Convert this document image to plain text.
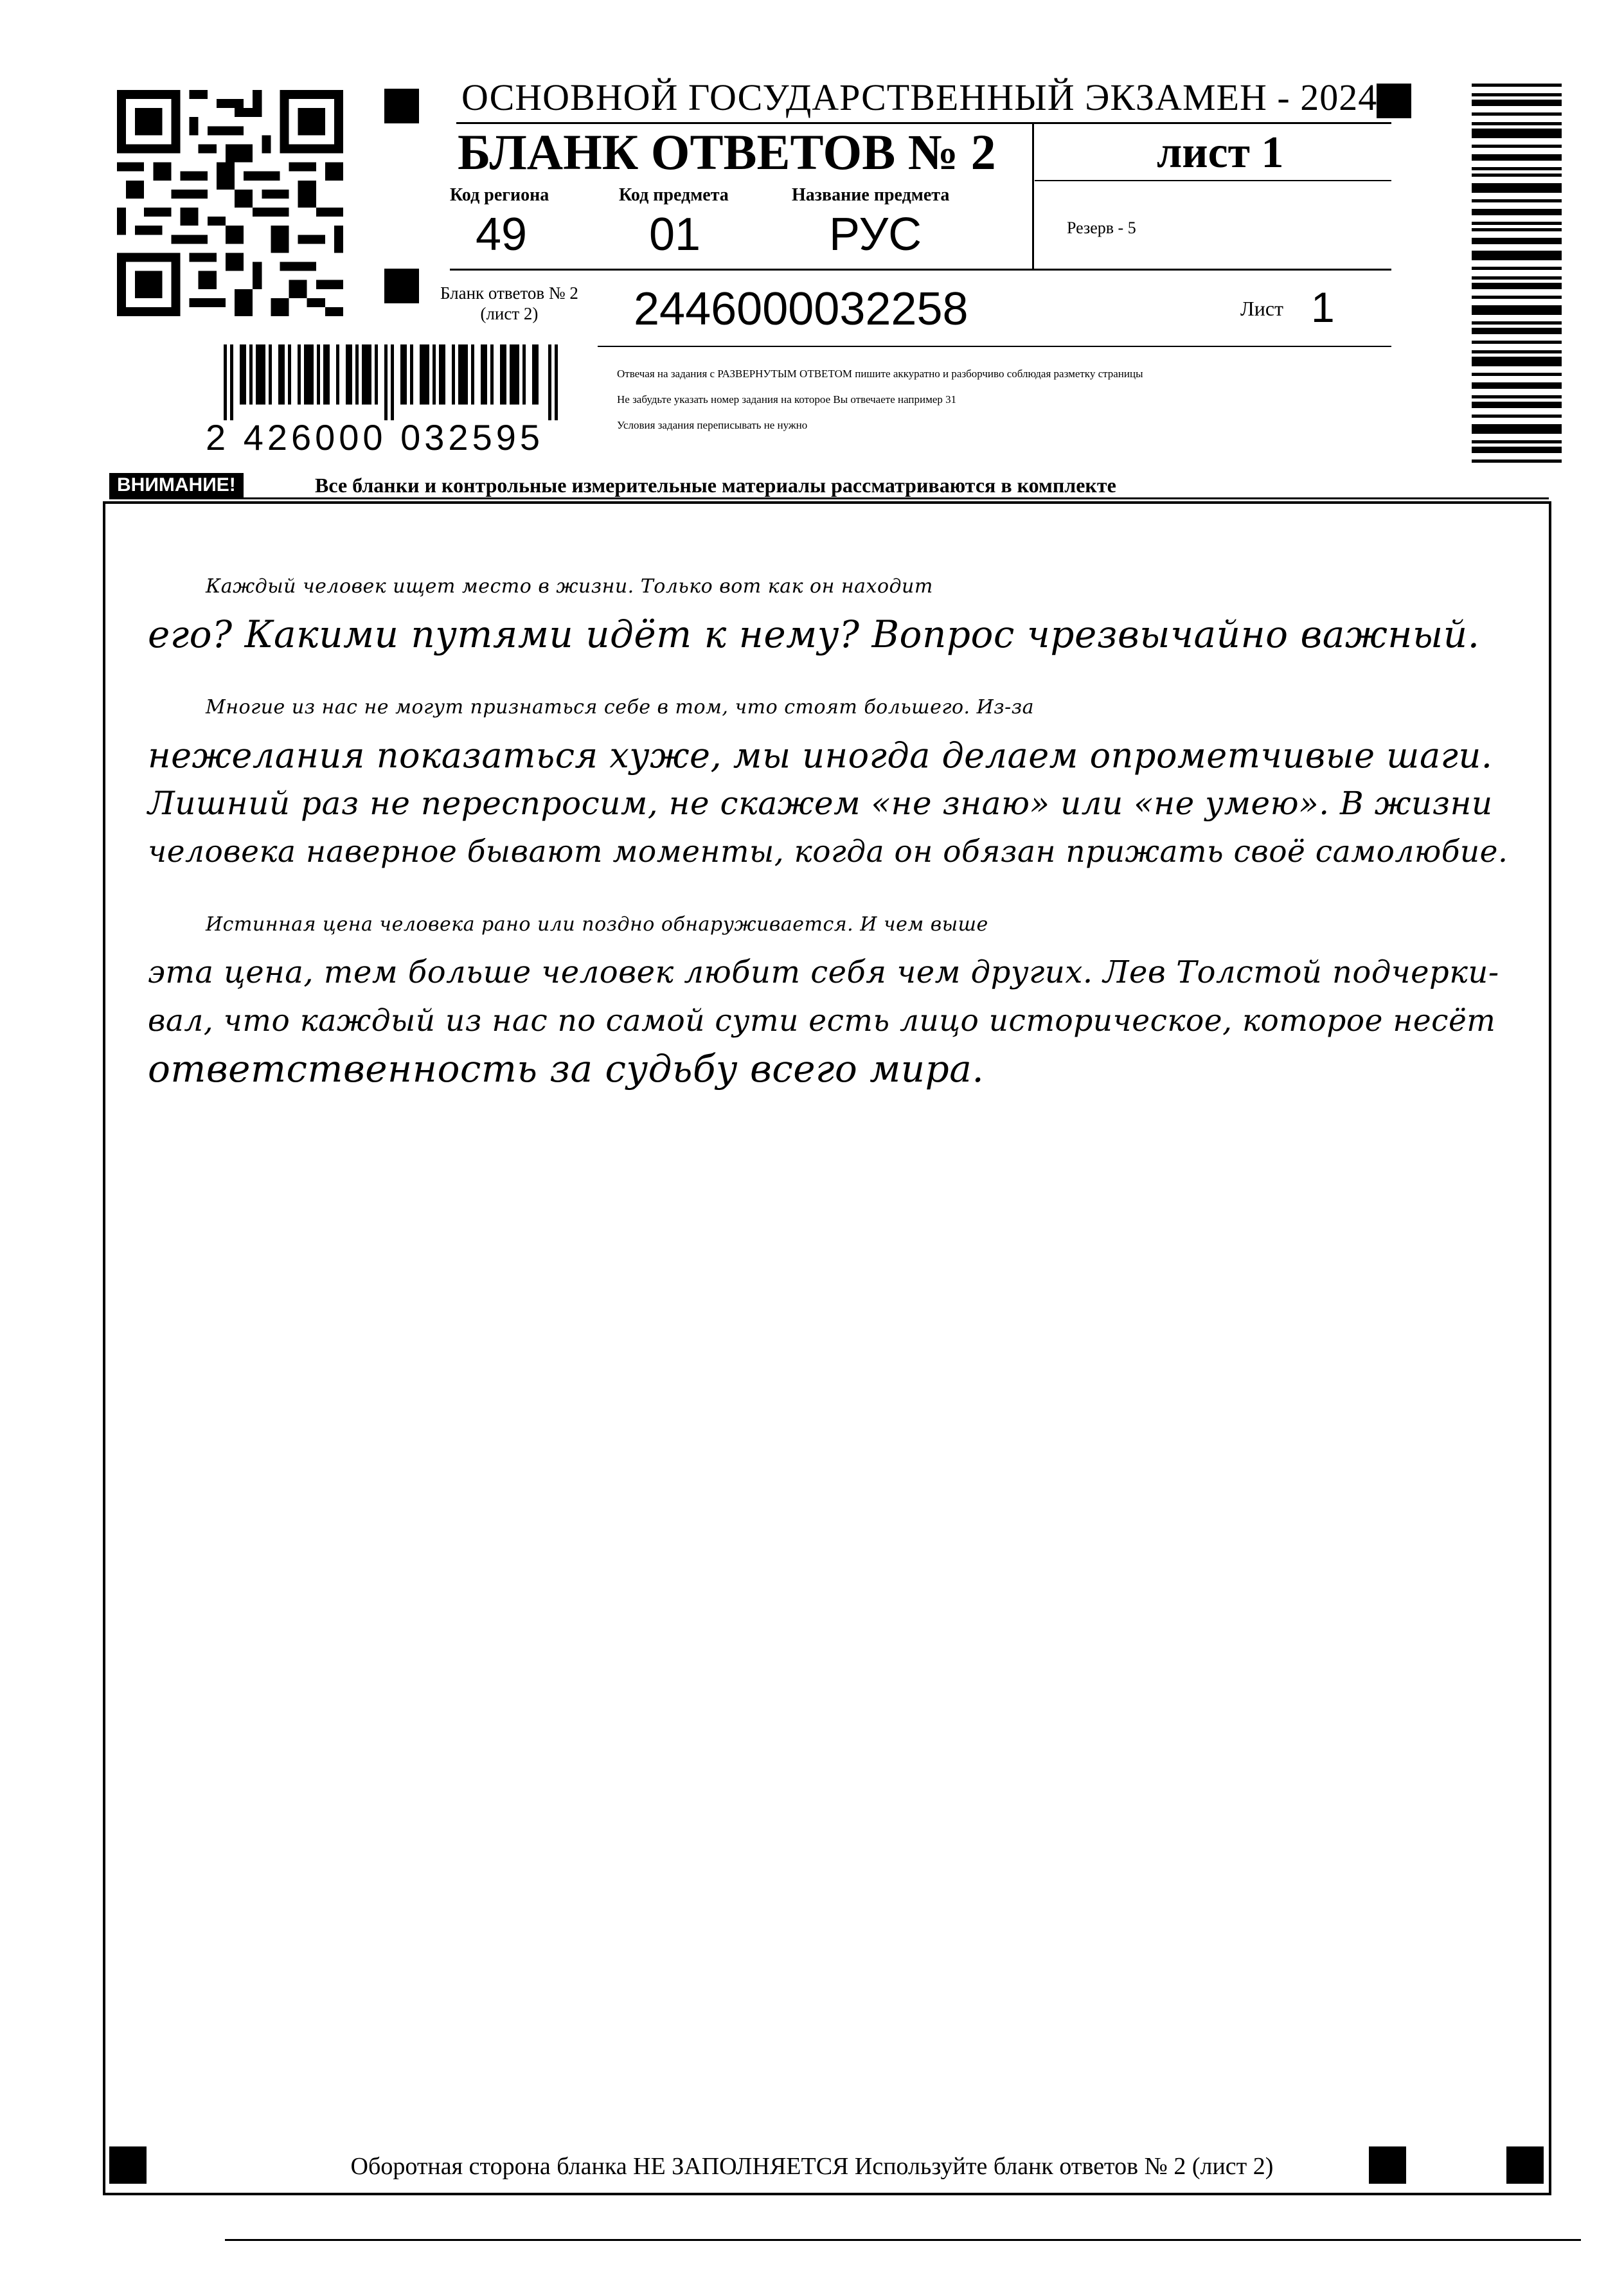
ОСНОВНОЙ ГОСУДАРСТВЕННЫЙ ЭКЗАМЕН - 2024
БЛАНК ОТВЕТОВ № 2	лист 1
Резерв - 5
Код региона
49
Код предмета
01
Название предмета
РУС
Бланк ответов № 2
(лист 2)	2446000032258	Лист 1
2 426000 032595
Отвечая на задания с РАЗВЕРНУТЫМ ОТВЕТОМ пишите аккуратно и разборчиво соблюдая разметку страницы
Не забудьте указать номер задания на которое Вы отвечаете например 31
Условия задания переписывать не нужно
ВНИМАНИЕ!	Все бланки и контрольные измерительные материалы рассматриваются в комплекте

Каждый человек ищет место в жизни. Только вот как он находит
его? Какими путями идёт к нему? Вопрос чрезвычайно важный.

Многие из нас не могут признаться себе в том, что стоят большего. Из-за
нежелания показаться хуже, мы иногда делаем опрометчивые шаги.
Лишний раз не переспросим, не скажем «не знаю» или «не умею». В жизни
человека наверное бывают моменты, когда он обязан прижать своё самолюбие.

Истинная цена человека рано или поздно обнаруживается. И чем выше
эта цена, тем больше человек любит себя чем других. Лев Толстой подчерки-
вал, что каждый из нас по самой сути есть лицо историческое, которое несёт
ответственность за судьбу всего мира.

Оборотная сторона бланка НЕ ЗАПОЛНЯЕТСЯ Используйте бланк ответов № 2 (лист 2)
